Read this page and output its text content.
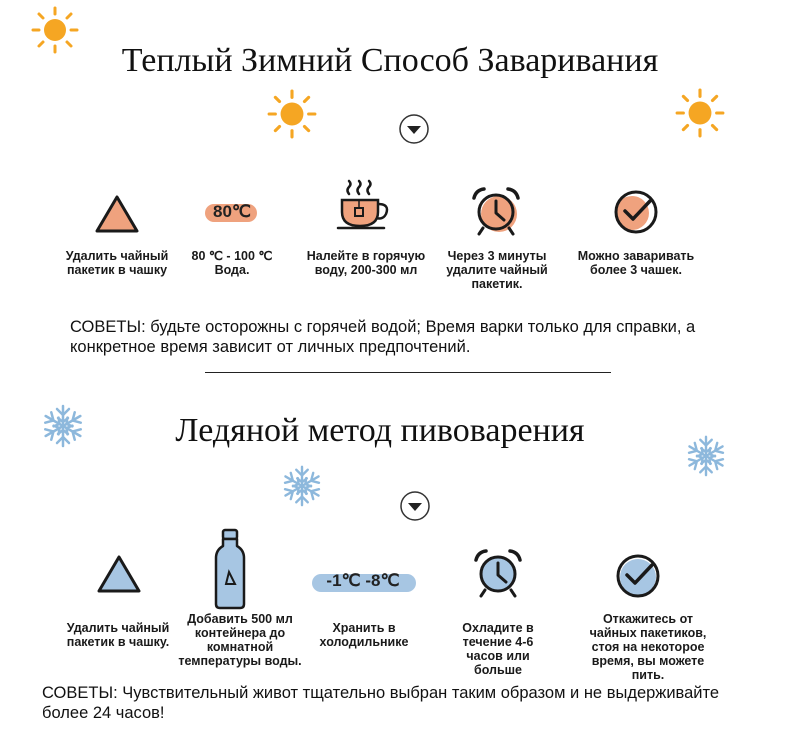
Теплый Зимний Способ Заваривания
80℃
Удалить чайный пакетик в чашку
80 ℃ - 100 ℃ Вода.
Налейте в горячую воду, 200-300 мл
Через 3 минуты удалите чайный пакетик.
Можно заваривать более 3 чашек.
СОВЕТЫ: будьте осторожны с горячей водой; Время варки только для справки, а конкретное время зависит от личных предпочтений.
Ледяной метод пивоварения
-1℃ -8℃
Удалить чайный пакетик в чашку.
Добавить 500 мл контейнера до комнатной температуры воды.
Хранить в холодильнике
Охладите в течение 4-6 часов или больше
Откажитесь от чайных пакетиков, стоя на некоторое время, вы можете пить.
СОВЕТЫ: Чувствительный живот тщательно выбран таким образом и не выдерживайте более 24 часов!
